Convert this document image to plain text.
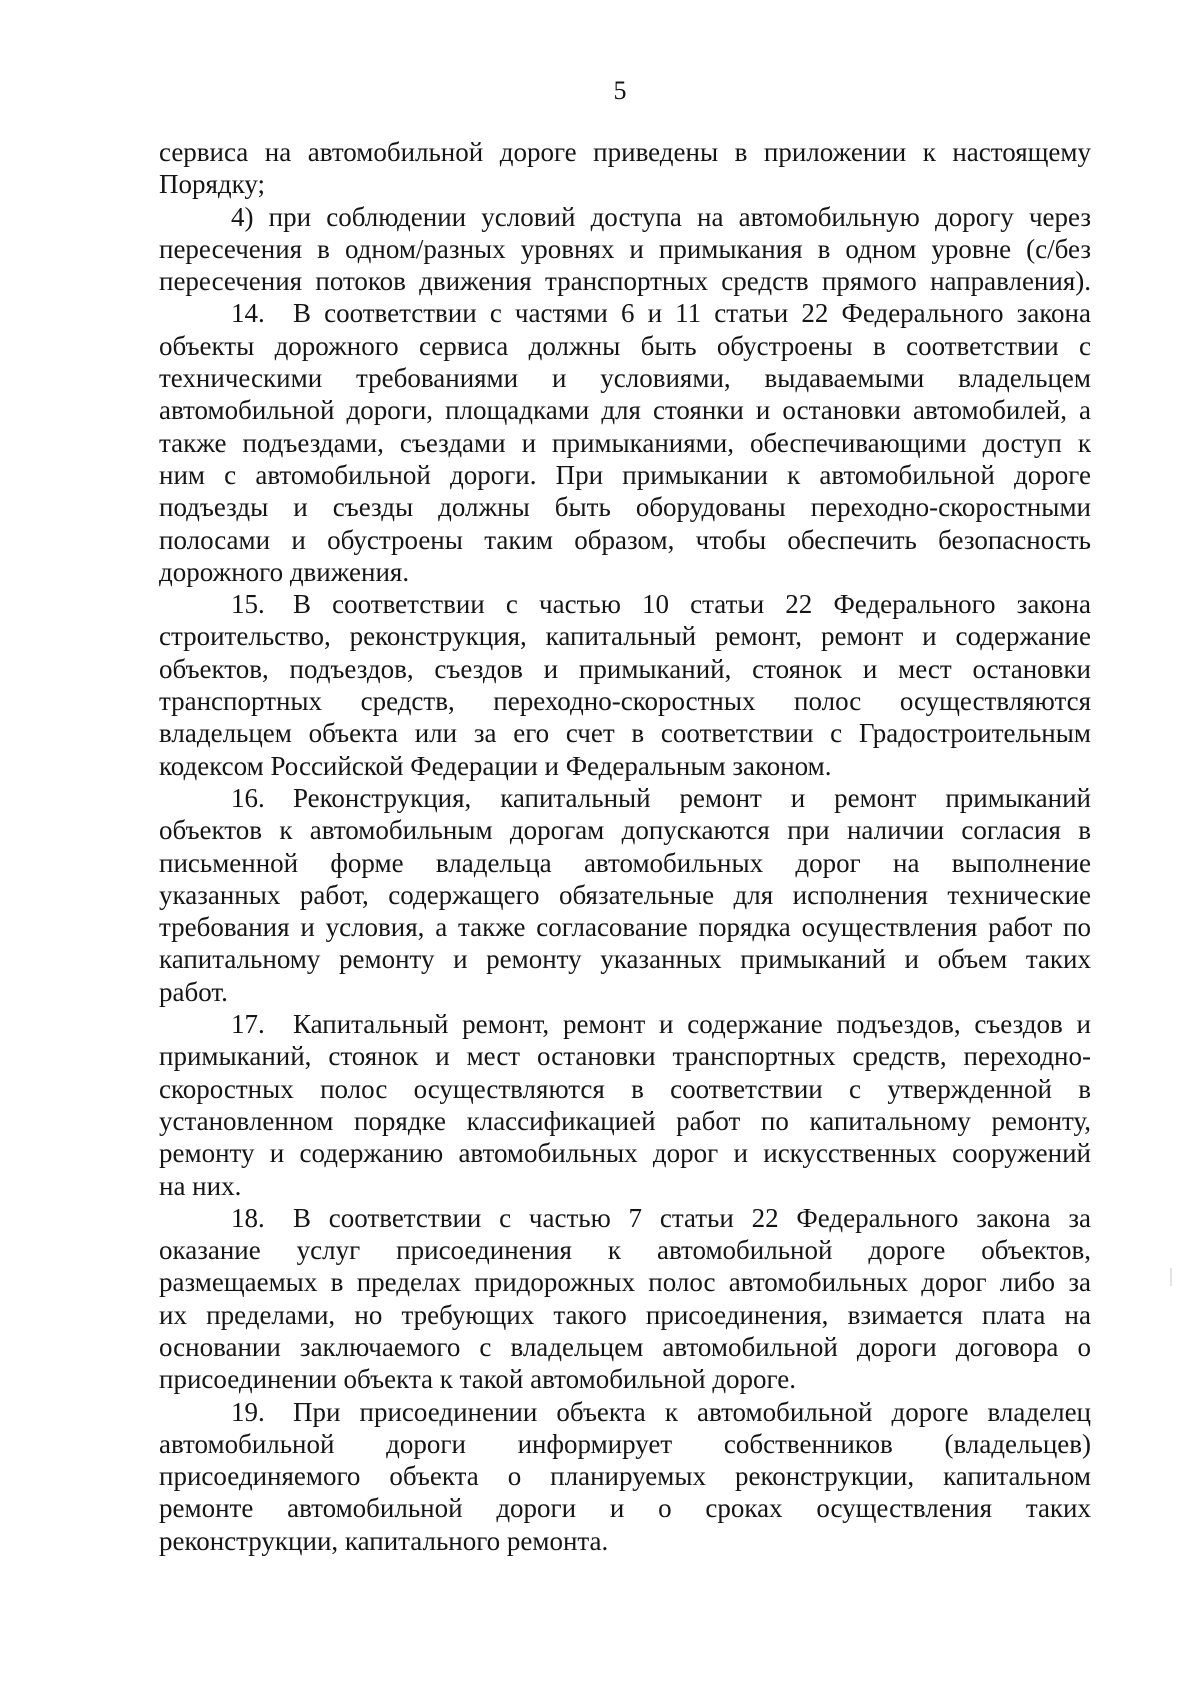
5
сервиса на автомобильной дороге приведены в приложении к настоящему
Порядку;
4) при соблюдении условий доступа на автомобильную дорогу через
пересечения в одном/разных уровнях и примыкания в одном уровне (с/без
пересечения потоков движения транспортных средств прямого направления).
14. В соответствии с частями 6 и 11 статьи 22 Федерального закона
объекты дорожного сервиса должны быть обустроены в соответствии с
техническими требованиями и условиями, выдаваемыми владельцем
автомобильной дороги, площадками для стоянки и остановки автомобилей, а
также подъездами, съездами и примыканиями, обеспечивающими доступ к
ним с автомобильной дороги. При примыкании к автомобильной дороге
подъезды и съезды должны быть оборудованы переходно-скоростными
полосами и обустроены таким образом, чтобы обеспечить безопасность
дорожного движения.
15. В соответствии с частью 10 статьи 22 Федерального закона
строительство, реконструкция, капитальный ремонт, ремонт и содержание
объектов, подъездов, съездов и примыканий, стоянок и мест остановки
транспортных средств, переходно-скоростных полос осуществляются
владельцем объекта или за его счет в соответствии с Градостроительным
кодексом Российской Федерации и Федеральным законом.
16. Реконструкция, капитальный ремонт и ремонт примыканий
объектов к автомобильным дорогам допускаются при наличии согласия в
письменной форме владельца автомобильных дорог на выполнение
указанных работ, содержащего обязательные для исполнения технические
требования и условия, а также согласование порядка осуществления работ по
капитальному ремонту и ремонту указанных примыканий и объем таких
работ.
17. Капитальный ремонт, ремонт и содержание подъездов, съездов и
примыканий, стоянок и мест остановки транспортных средств, переходно-
скоростных полос осуществляются в соответствии с утвержденной в
установленном порядке классификацией работ по капитальному ремонту,
ремонту и содержанию автомобильных дорог и искусственных сооружений
на них.
18. В соответствии с частью 7 статьи 22 Федерального закона за
оказание услуг присоединения к автомобильной дороге объектов,
размещаемых в пределах придорожных полос автомобильных дорог либо за
их пределами, но требующих такого присоединения, взимается плата на
основании заключаемого с владельцем автомобильной дороги договора о
присоединении объекта к такой автомобильной дороге.
19. При присоединении объекта к автомобильной дороге владелец
автомобильной дороги информирует собственников (владельцев)
присоединяемого объекта о планируемых реконструкции, капитальном
ремонте автомобильной дороги и о сроках осуществления таких
реконструкции, капитального ремонта.
